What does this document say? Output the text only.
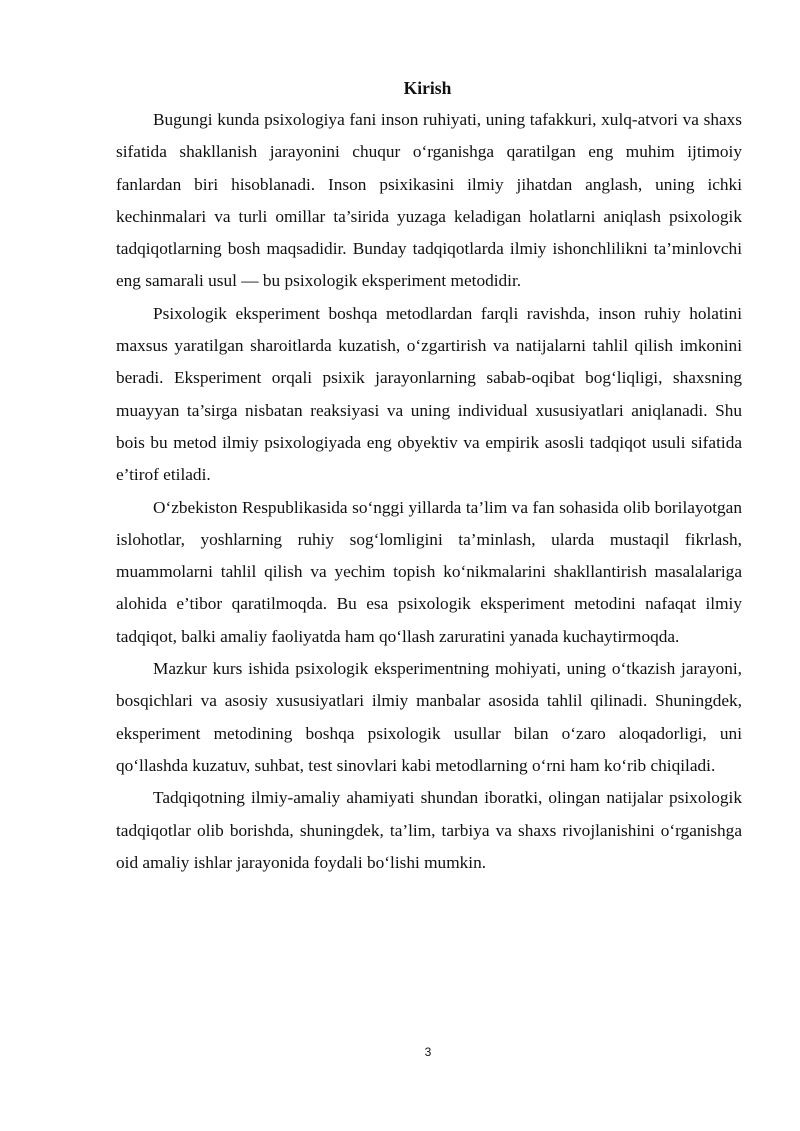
Kirish

Bugungi kunda psixologiya fani inson ruhiyati, uning tafakkuri, xulq-atvori va shaxs sifatida shakllanish jarayonini chuqur o‘rganishga qaratilgan eng muhim ijtimoiy fanlardan biri hisoblanadi. Inson psixikasini ilmiy jihatdan anglash, uning ichki kechinmalari va turli omillar ta’sirida yuzaga keladigan holatlarni aniqlash psixologik tadqiqotlarning bosh maqsadidir. Bunday tadqiqotlarda ilmiy ishonchlilikni ta’minlovchi eng samarali usul — bu psixologik eksperiment metodidir.

Psixologik eksperiment boshqa metodlardan farqli ravishda, inson ruhiy holatini maxsus yaratilgan sharoitlarda kuzatish, o‘zgartirish va natijalarni tahlil qilish imkonini beradi. Eksperiment orqali psixik jarayonlarning sabab-oqibat bog‘liqligi, shaxsning muayyan ta’sirga nisbatan reaksiyasi va uning individual xususiyatlari aniqlanadi. Shu bois bu metod ilmiy psixologiyada eng obyektiv va empirik asosli tadqiqot usuli sifatida e’tirof etiladi.

O‘zbekiston Respublikasida so‘nggi yillarda ta’lim va fan sohasida olib borilayotgan islohotlar, yoshlarning ruhiy sog‘lomligini ta’minlash, ularda mustaqil fikrlash, muammolarni tahlil qilish va yechim topish ko‘nikmalarini shakllantirish masalalariga alohida e’tibor qaratilmoqda. Bu esa psixologik eksperiment metodini nafaqat ilmiy tadqiqot, balki amaliy faoliyatda ham qo‘llash zaruratini yanada kuchaytirmoqda.

Mazkur kurs ishida psixologik eksperimentning mohiyati, uning o‘tkazish jarayoni, bosqichlari va asosiy xususiyatlari ilmiy manbalar asosida tahlil qilinadi. Shuningdek, eksperiment metodining boshqa psixologik usullar bilan o‘zaro aloqadorligi, uni qo‘llashda kuzatuv, suhbat, test sinovlari kabi metodlarning o‘rni ham ko‘rib chiqiladi.

Tadqiqotning ilmiy-amaliy ahamiyati shundan iboratki, olingan natijalar psixologik tadqiqotlar olib borishda, shuningdek, ta’lim, tarbiya va shaxs rivojlanishini o‘rganishga oid amaliy ishlar jarayonida foydali bo‘lishi mumkin.

3
